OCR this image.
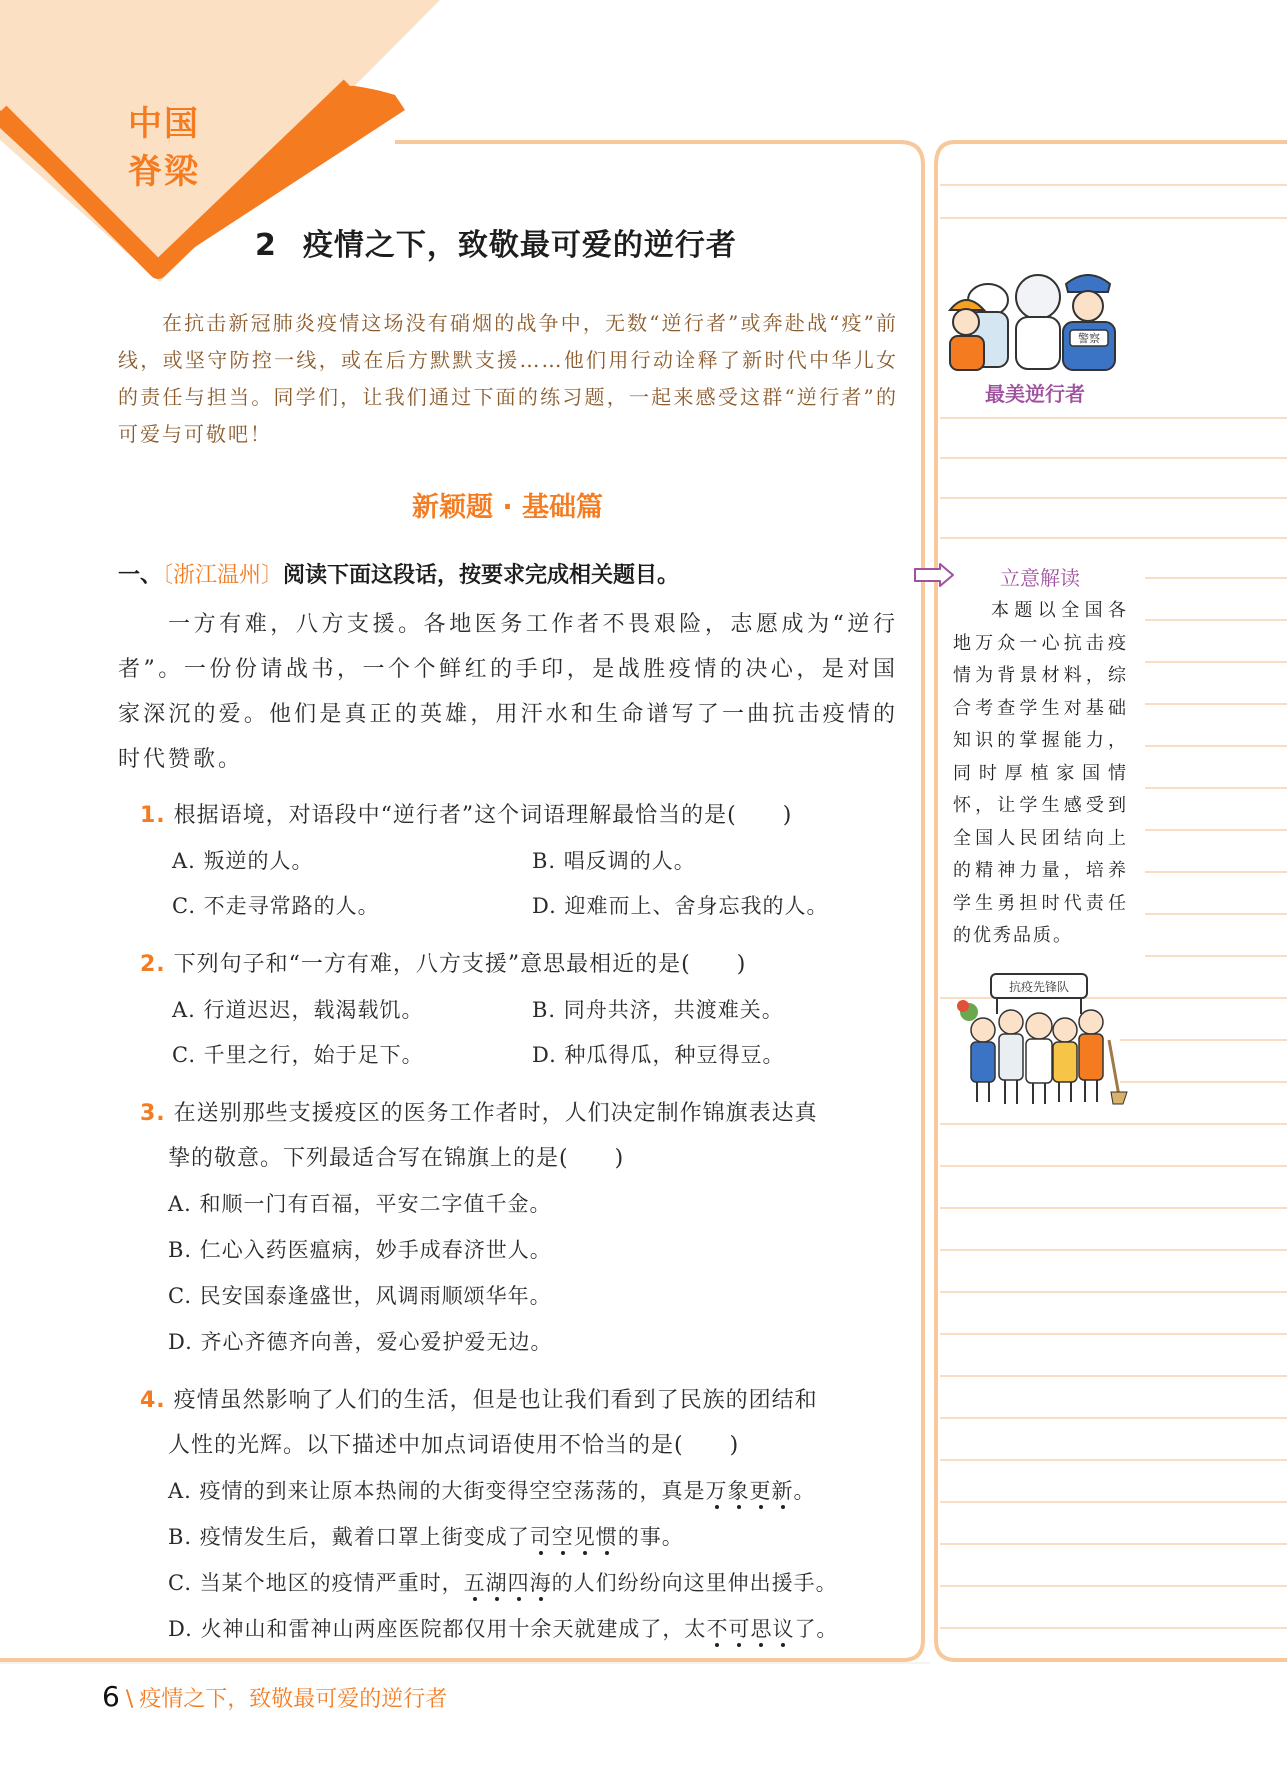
中国
脊梁
2 疫情之下，致敬最可爱的逆行者
在抗击新冠肺炎疫情这场没有硝烟的战争中，无数“逆行者”或奔赴战“疫”前线，或坚守防控一线，或在后方默默支援……他们用行动诠释了新时代中华儿女的责任与担当。同学们，让我们通过下面的练习题，一起来感受这群“逆行者”的可爱与可敬吧！
新颖题 · 基础篇
一、〔浙江温州〕阅读下面这段话，按要求完成相关题目。
一方有难，八方支援。各地医务工作者不畏艰险，志愿成为“逆行者”。一份份请战书，一个个鲜红的手印，是战胜疫情的决心，是对国家深沉的爱。他们是真正的英雄，用汗水和生命谱写了一曲抗击疫情的时代赞歌。
1. 根据语境，对语段中“逆行者”这个词语理解最恰当的是(　　)
A. 叛逆的人。	B. 唱反调的人。
C. 不走寻常路的人。	D. 迎难而上、舍身忘我的人。
2. 下列句子和“一方有难，八方支援”意思最相近的是(　　)
A. 行道迟迟，载渴载饥。	B. 同舟共济，共渡难关。
C. 千里之行，始于足下。	D. 种瓜得瓜，种豆得豆。
3. 在送别那些支援疫区的医务工作者时，人们决定制作锦旗表达真
挚的敬意。下列最适合写在锦旗上的是(　　)
A. 和顺一门有百福，平安二字值千金。
B. 仁心入药医瘟病，妙手成春济世人。
C. 民安国泰逢盛世，风调雨顺颂华年。
D. 齐心齐德齐向善，爱心爱护爱无边。
4. 疫情虽然影响了人们的生活，但是也让我们看到了民族的团结和
人性的光辉。以下描述中加点词语使用不恰当的是(　　)
A. 疫情的到来让原本热闹的大街变得空空荡荡的，真是万象更新。
B. 疫情发生后，戴着口罩上街变成了司空见惯的事。
C. 当某个地区的疫情严重时，五湖四海的人们纷纷向这里伸出援手。
D. 火神山和雷神山两座医院都仅用十余天就建成了，太不可思议了。
警察
最美逆行者
立意解读
本题以全国各地万众一心抗击疫情为背景材料，综合考查学生对基础知识的掌握能力，同时厚植家国情怀，让学生感受到全国人民团结向上的精神力量，培养学生勇担时代责任的优秀品质。
抗疫先锋队
6 \ 疫情之下，致敬最可爱的逆行者
